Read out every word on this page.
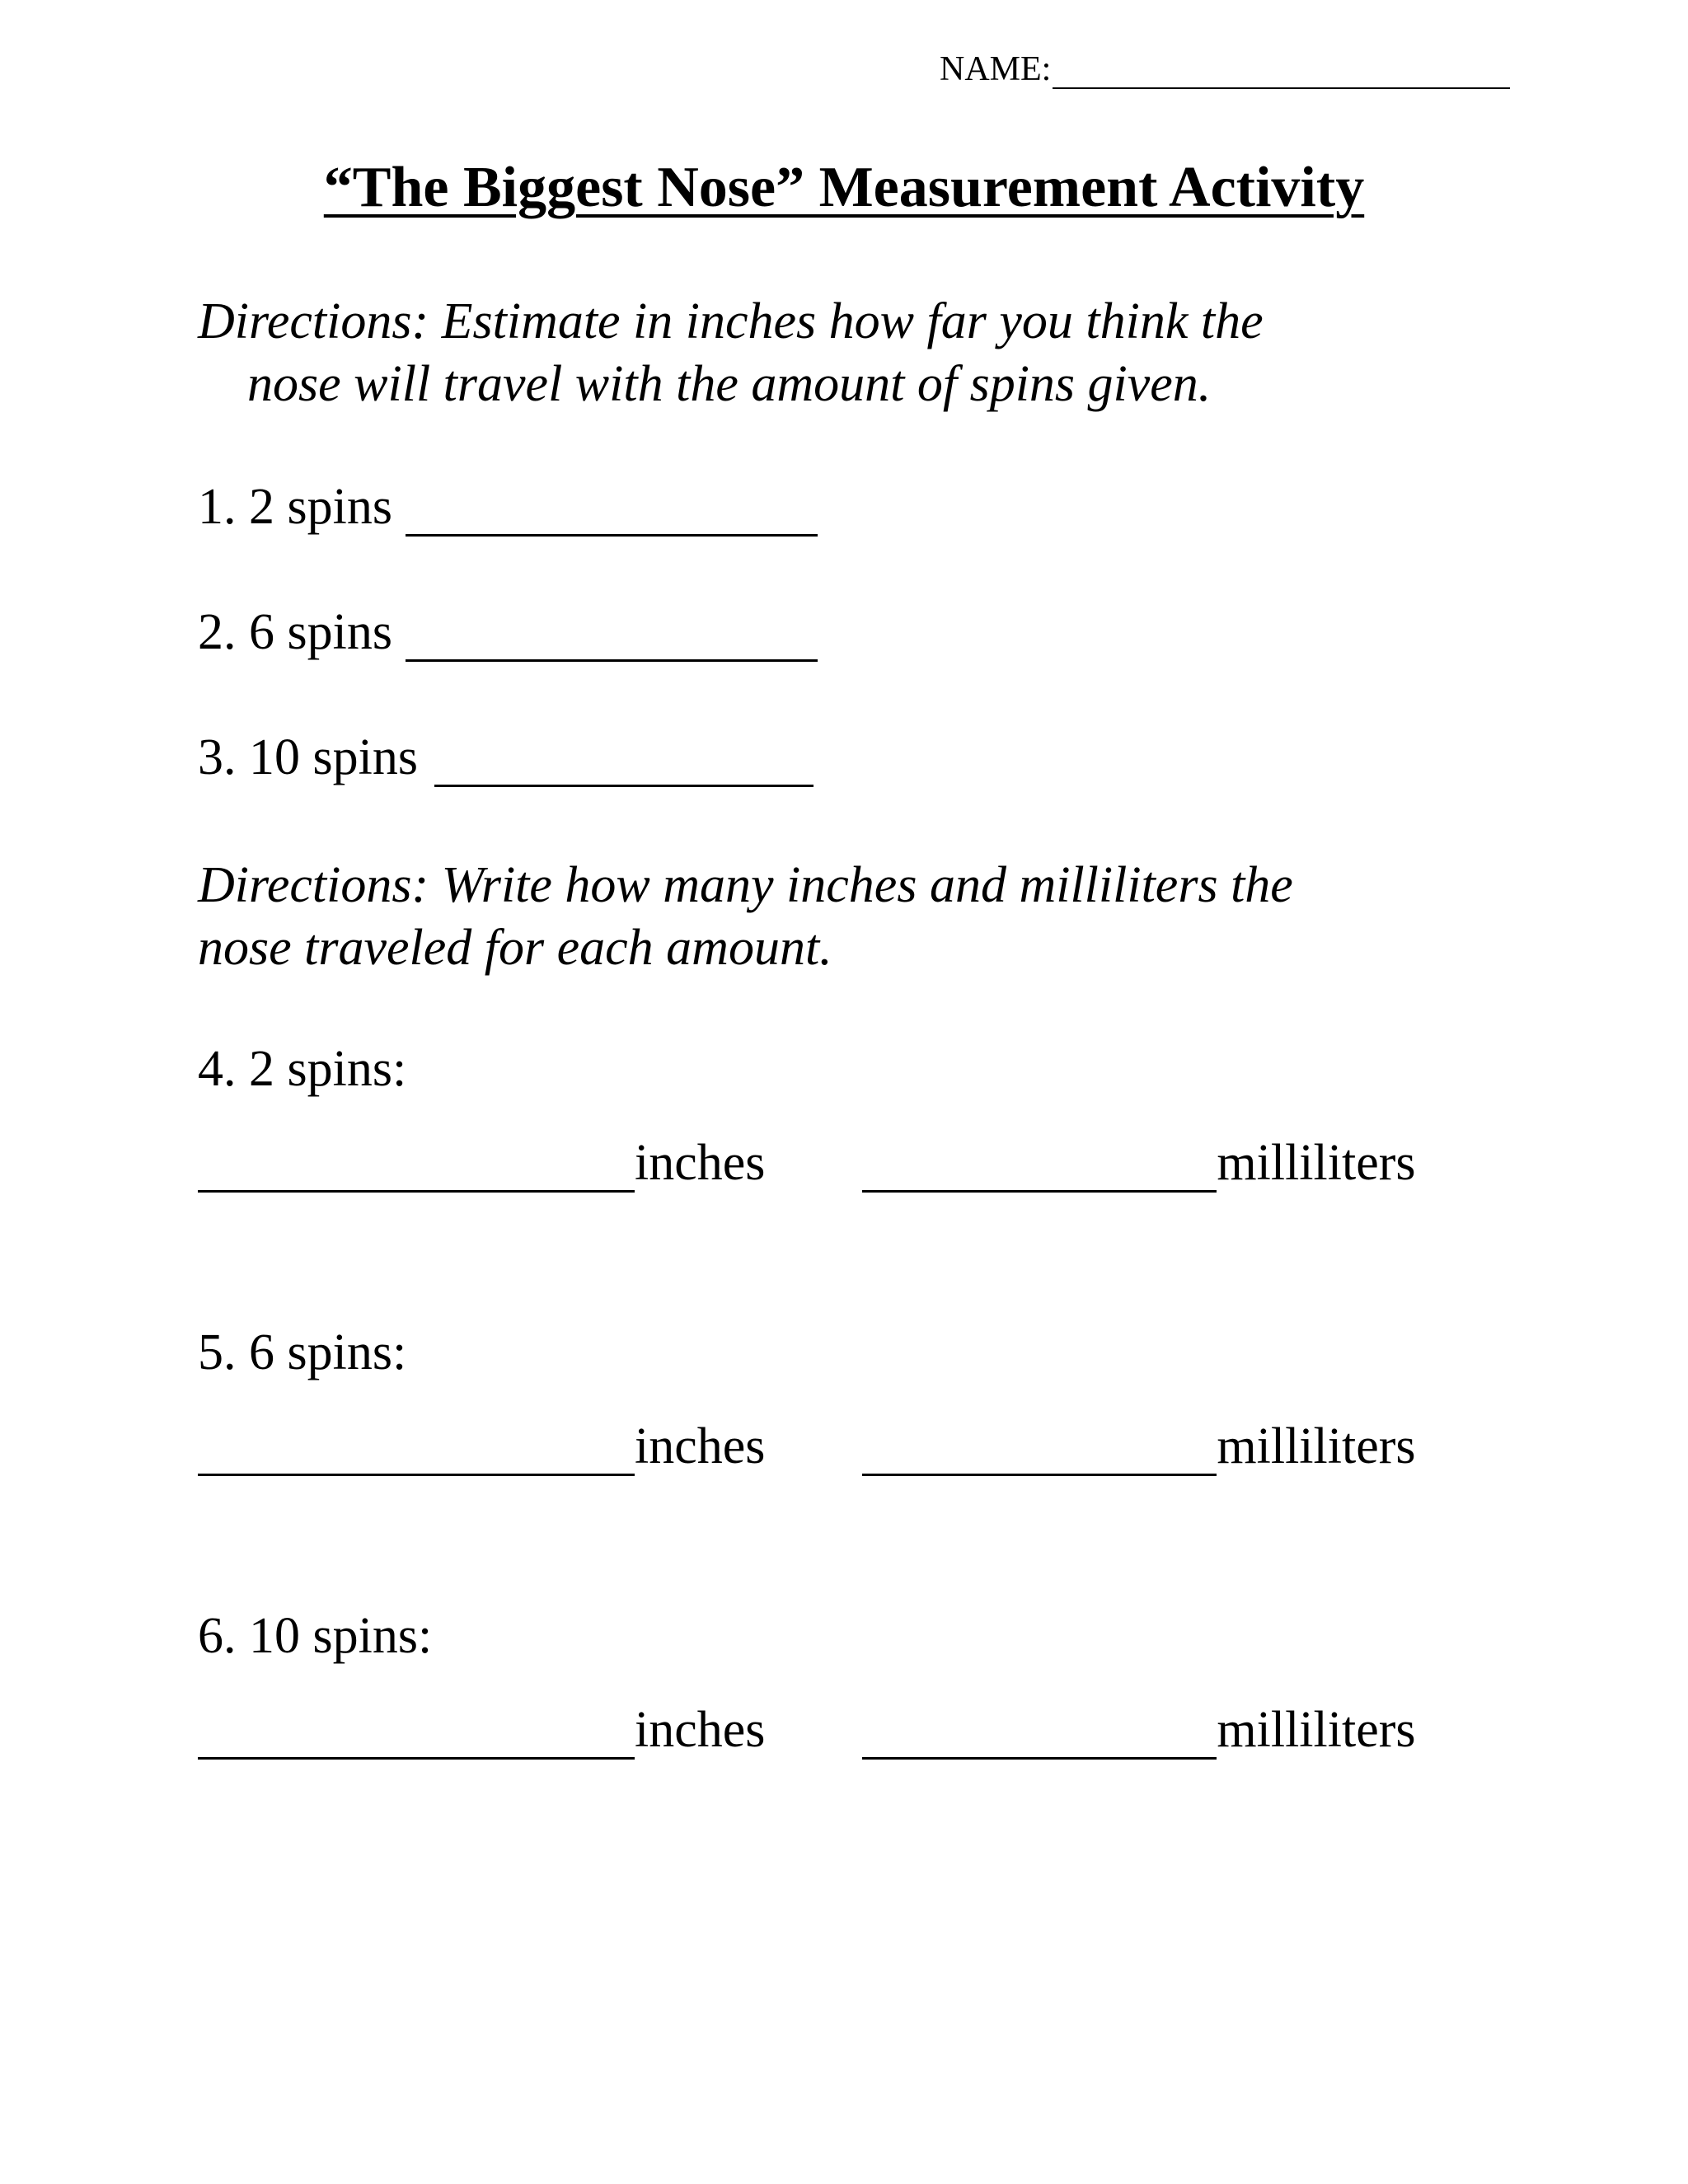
NAME:
“The Biggest Nose” Measurement Activity
Directions: Estimate in inches how far you think the
nose will travel with the amount of spins given.
1. 2 spins
2. 6 spins
3. 10 spins
Directions: Write how many inches and milliliters the
nose traveled for each amount.
4. 2 spins:
inches	milliliters
5. 6 spins:
inches	milliliters
6. 10 spins:
inches	milliliters
